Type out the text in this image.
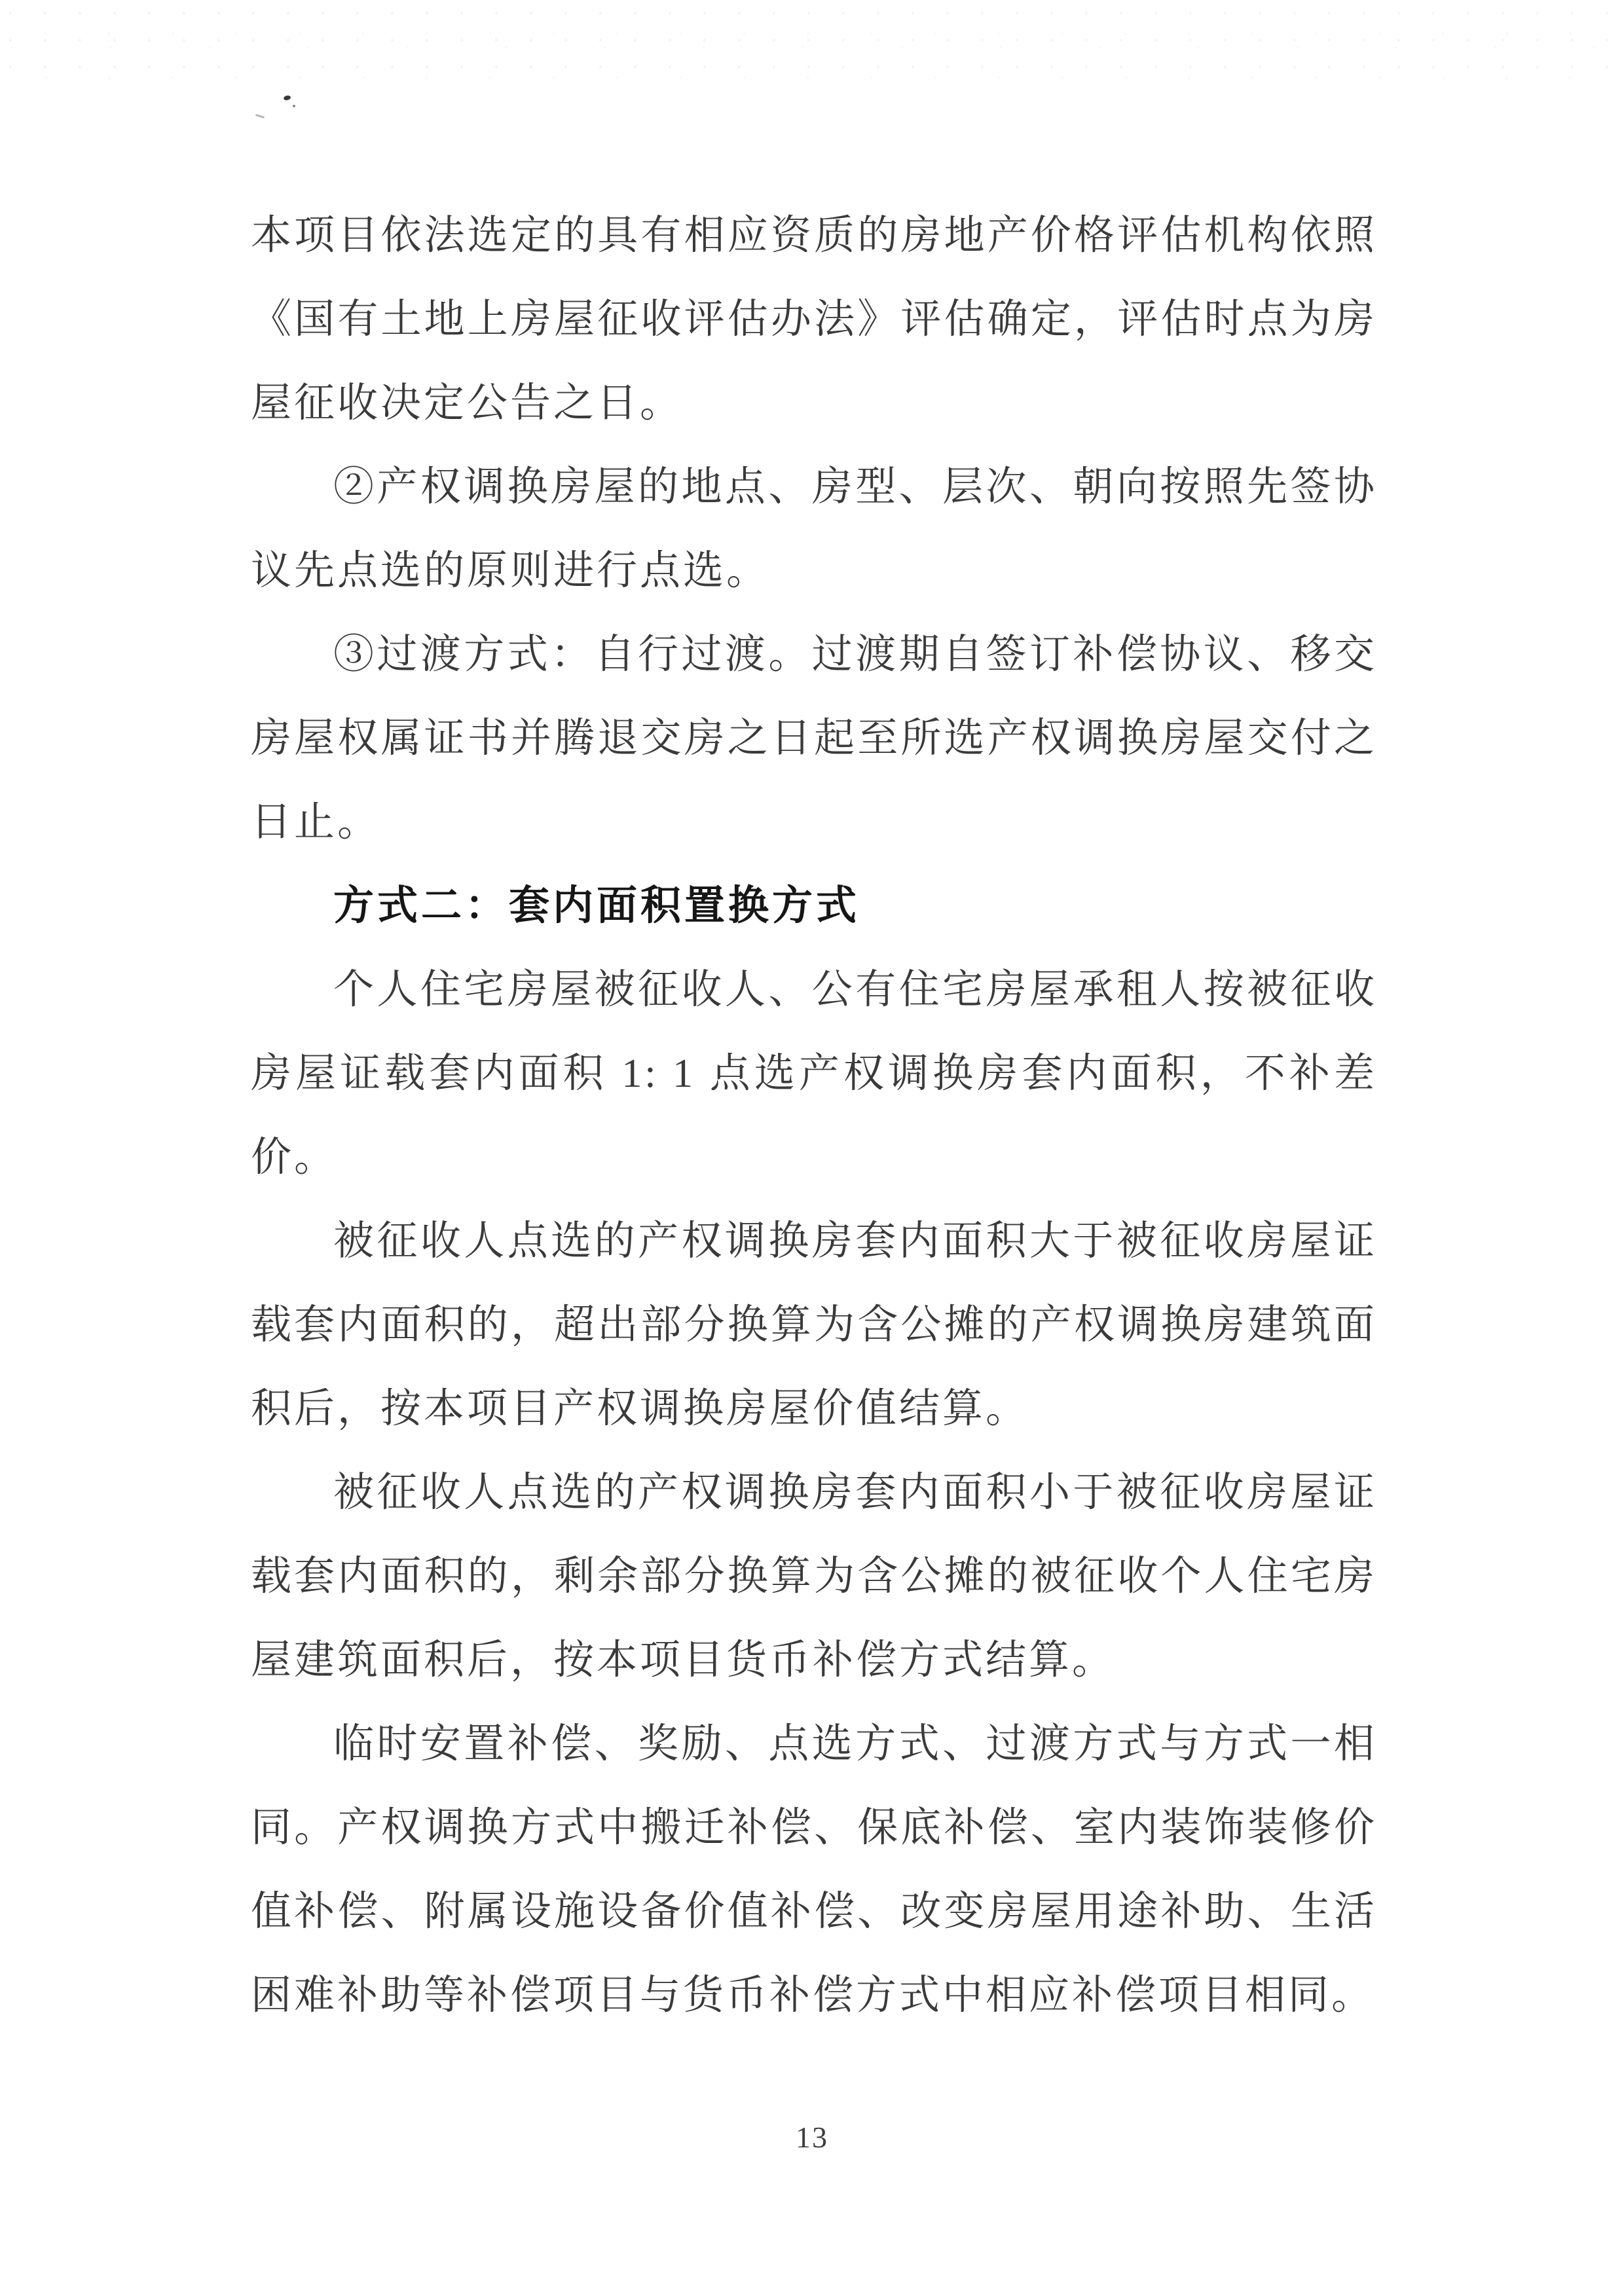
本项目依法选定的具有相应资质的房地产价格评估机构依照《国有土地上房屋征收评估办法》评估确定，评估时点为房屋征收决定公告之日。

②产权调换房屋的地点、房型、层次、朝向按照先签协议先点选的原则进行点选。

③过渡方式：自行过渡。过渡期自签订补偿协议、移交房屋权属证书并腾退交房之日起至所选产权调换房屋交付之日止。

方式二：套内面积置换方式

个人住宅房屋被征收人、公有住宅房屋承租人按被征收房屋证载套内面积 1: 1 点选产权调换房套内面积，不补差价。

被征收人点选的产权调换房套内面积大于被征收房屋证载套内面积的，超出部分换算为含公摊的产权调换房建筑面积后，按本项目产权调换房屋价值结算。

被征收人点选的产权调换房套内面积小于被征收房屋证载套内面积的，剩余部分换算为含公摊的被征收个人住宅房屋建筑面积后，按本项目货币补偿方式结算。

临时安置补偿、奖励、点选方式、过渡方式与方式一相同。产权调换方式中搬迁补偿、保底补偿、室内装饰装修价值补偿、附属设施设备价值补偿、改变房屋用途补助、生活困难补助等补偿项目与货币补偿方式中相应补偿项目相同。

13
